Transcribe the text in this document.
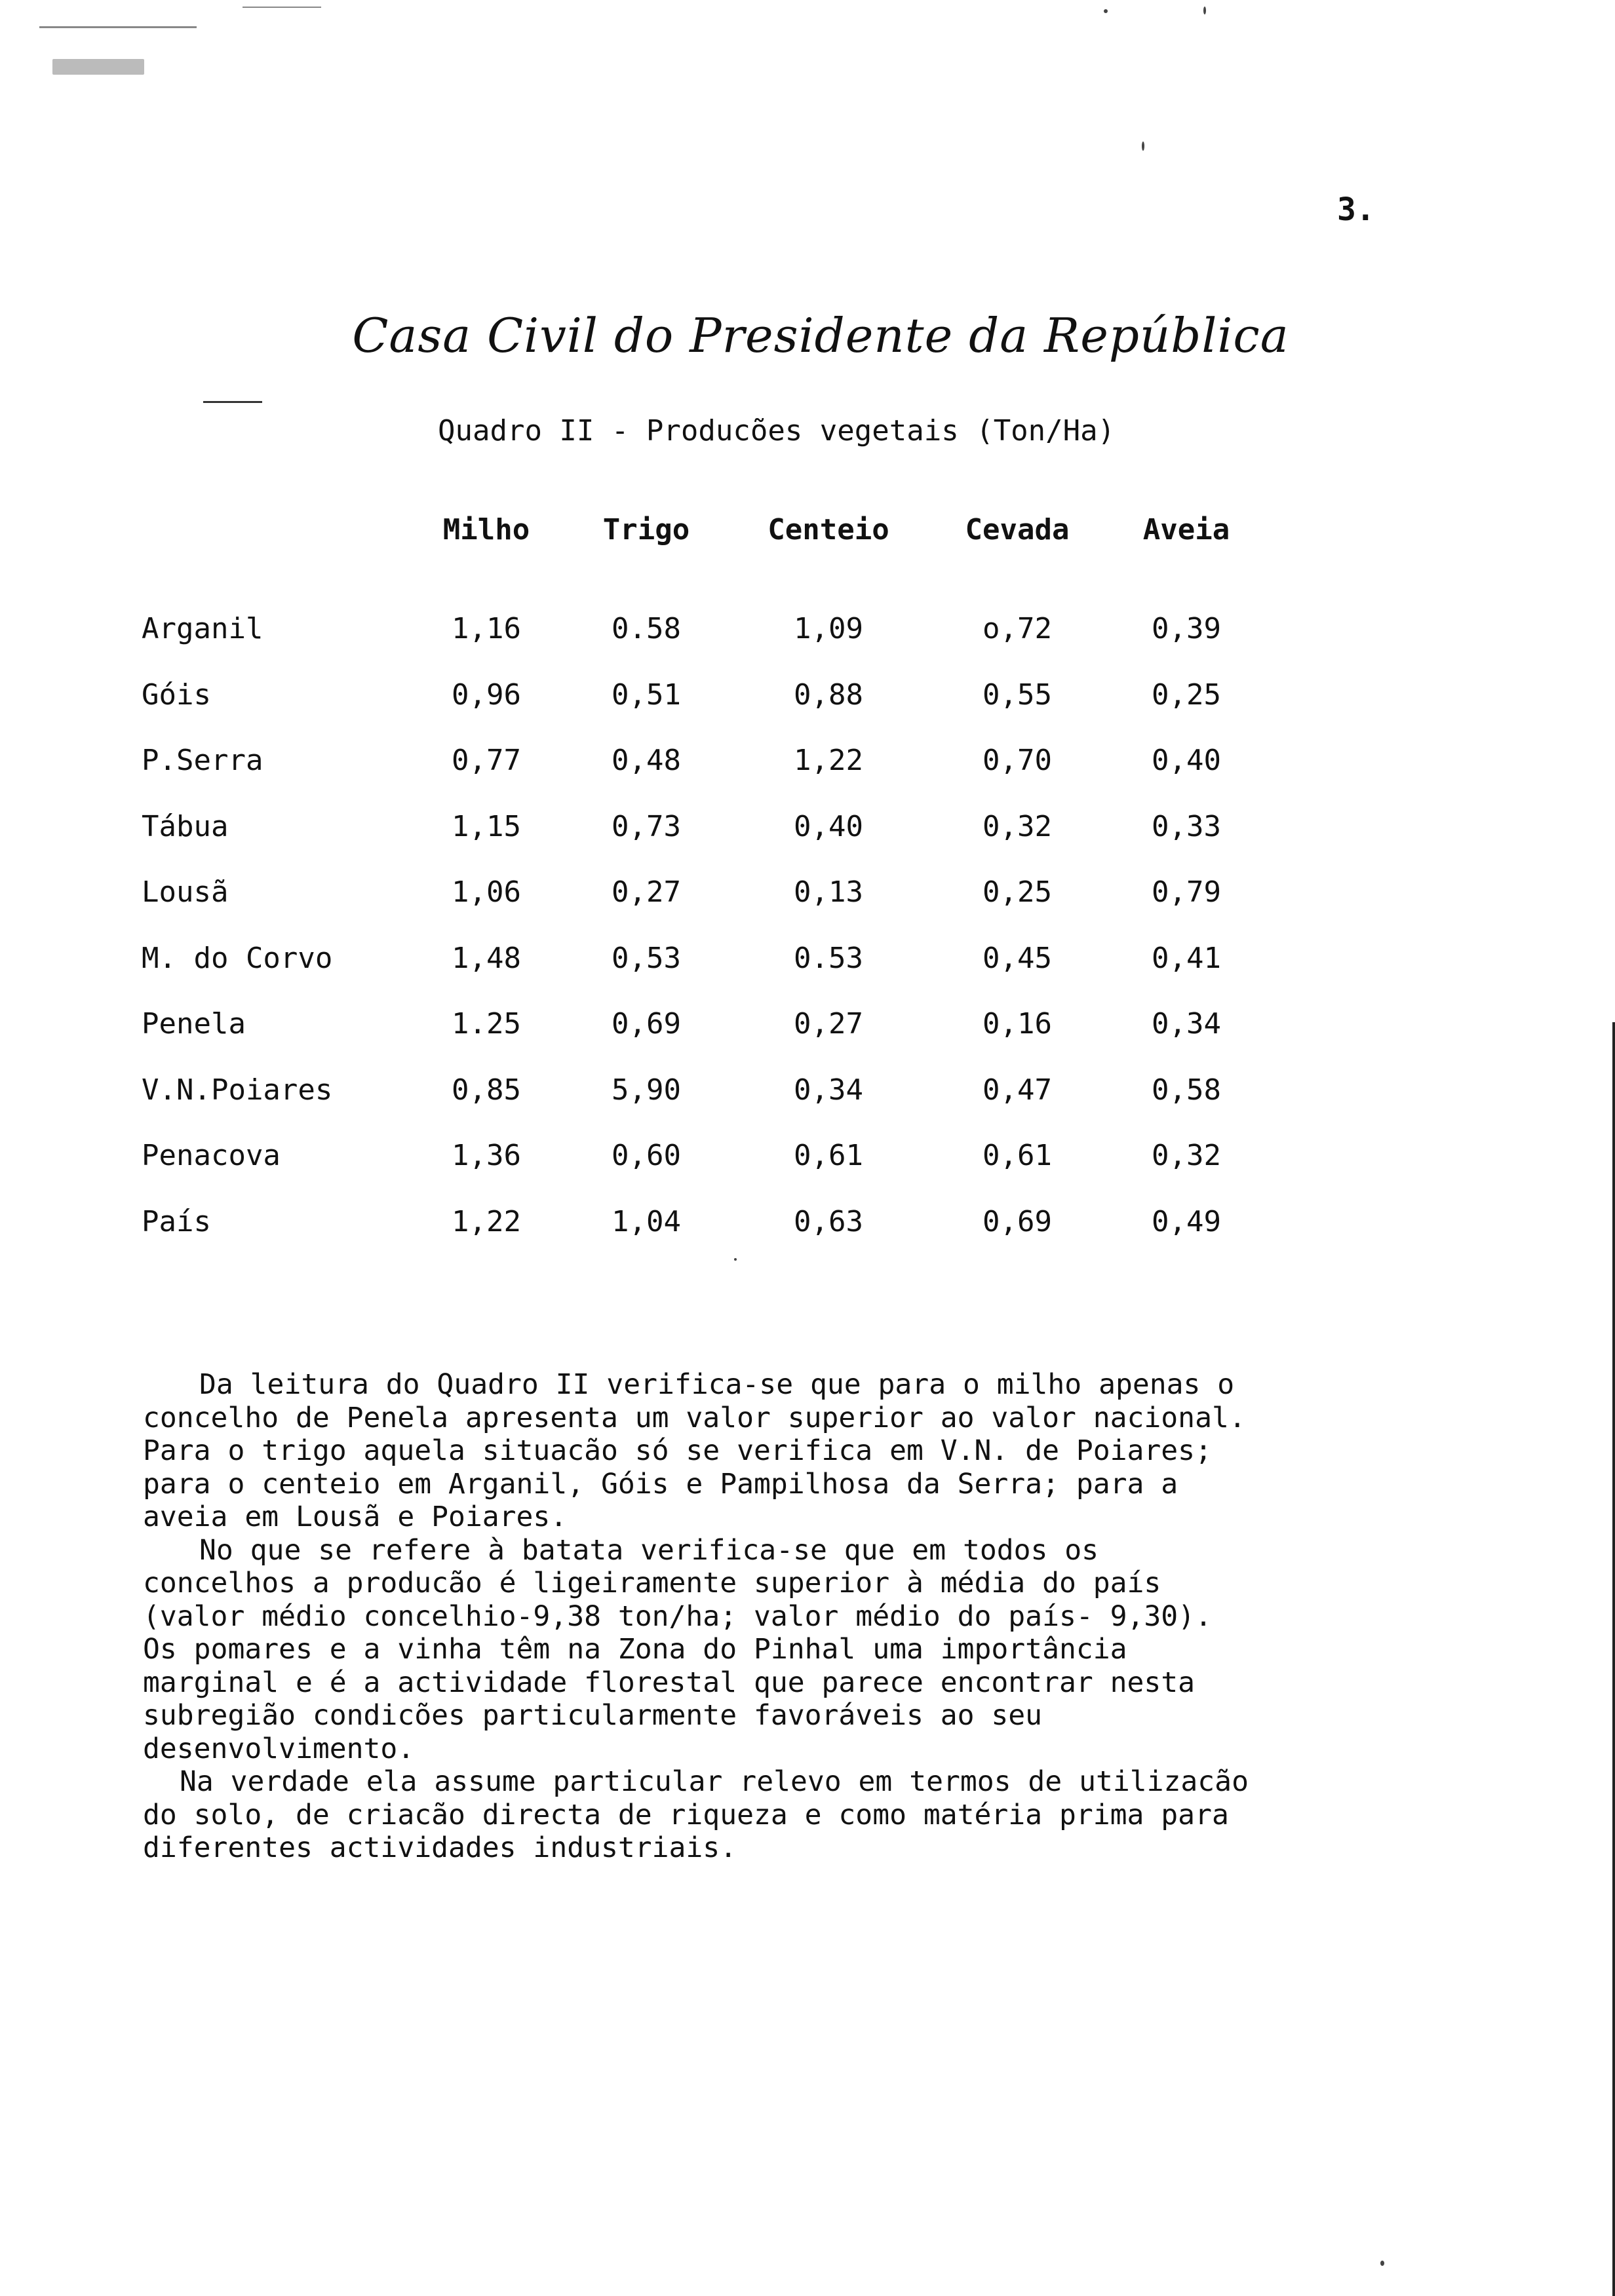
3.
Casa Civil do Presidente da República
Quadro II - Producões vegetais (Ton/Ha)
Milho	Trigo	Centeio	Cevada	Aveia
Arganil	1,16	0.58	1,09	o,72	0,39
Góis	0,96	0,51	0,88	0,55	0,25
P.Serra	0,77	0,48	1,22	0,70	0,40
Tábua	1,15	0,73	0,40	0,32	0,33
Lousã	1,06	0,27	0,13	0,25	0,79
M. do Corvo	1,48	0,53	0.53	0,45	0,41
Penela	1.25	0,69	0,27	0,16	0,34
V.N.Poiares	0,85	5,90	0,34	0,47	0,58
Penacova	1,36	0,60	0,61	0,61	0,32
País	1,22	1,04	0,63	0,69	0,49
Da leitura do Quadro II verifica-se que para o milho apenas o
concelho de Penela apresenta um valor superior ao valor nacional.
Para o trigo aquela situacão só se verifica em V.N. de Poiares;
para o centeio em Arganil, Góis e Pampilhosa da Serra; para a
aveia em Lousã e Poiares.
No que se refere à batata verifica-se que em todos os
concelhos a producão é ligeiramente superior à média do país
(valor médio concelhio-9,38 ton/ha; valor médio do país- 9,30).
Os pomares e a vinha têm na Zona do Pinhal uma importância
marginal e é a actividade florestal que parece encontrar nesta
subregião condicões particularmente favoráveis ao seu
desenvolvimento.
Na verdade ela assume particular relevo em termos de utilizacão
do solo, de criacão directa de riqueza e como matéria prima para
diferentes actividades industriais.
